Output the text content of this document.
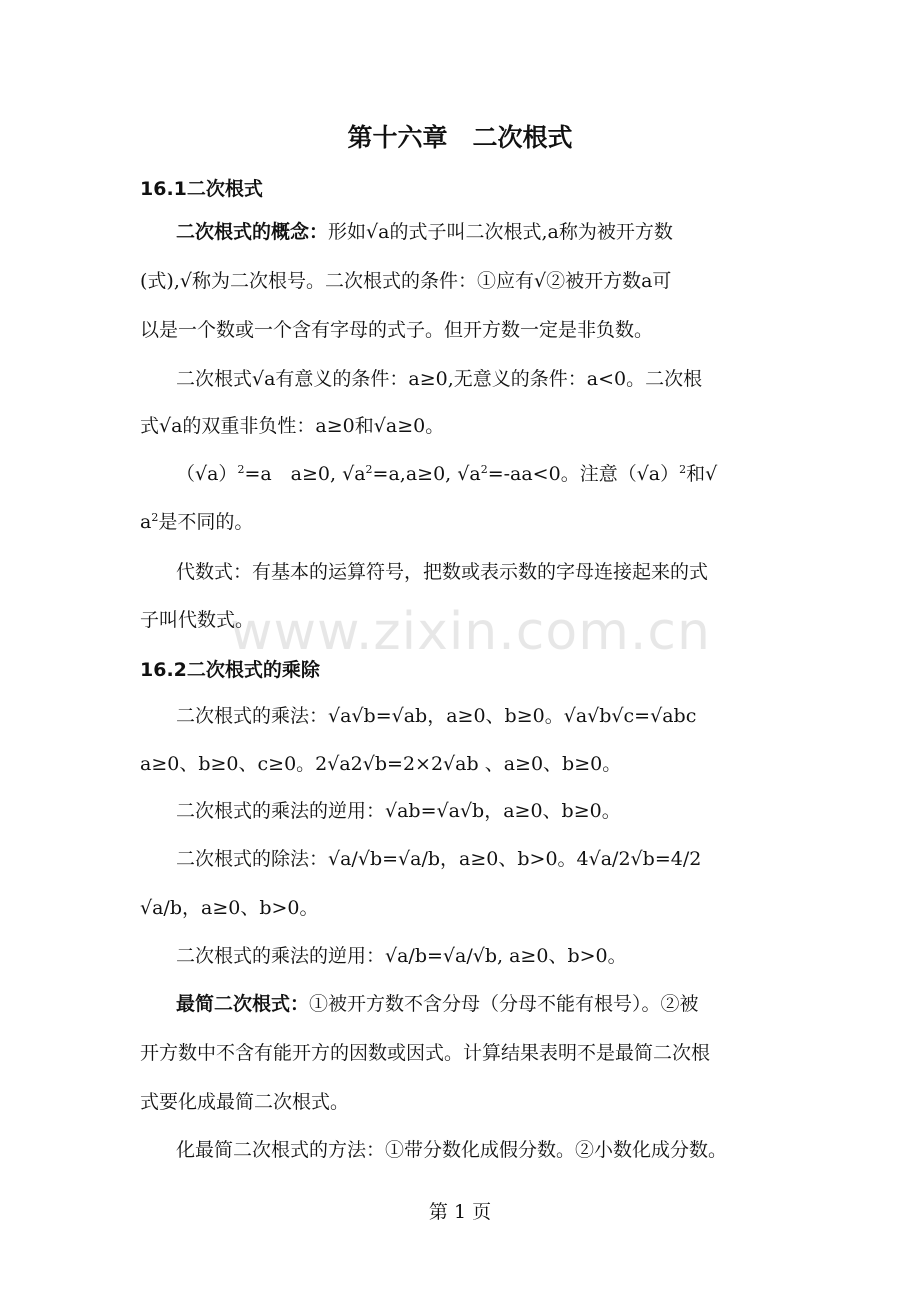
第十六章　二次根式
16.1二次根式
二次根式的概念：形如√a的式子叫二次根式,a称为被开方数
(式),√称为二次根号。二次根式的条件：①应有√②被开方数a可
以是一个数或一个含有字母的式子。但开方数一定是非负数。
二次根式√a有意义的条件：a≥0,无意义的条件：a<0。二次根
式√a的双重非负性：a≥0和√a≥0。
$(√a)^2=a$　a≥0, $√a^2=a,a\ge 0$, $√a^2=-aa<0$。注意$(√a)^2$和√
$a^2$是不同的。
代数式：有基本的运算符号，把数或表示数的字母连接起来的式
子叫代数式。
16.2二次根式的乘除
二次根式的乘法：√a√b=√ab，a≥0、b≥0。√a√b√c=√abc
a≥0、b≥0、c≥0。2√a2√b=2×2√ab 、a≥0、b≥0。
二次根式的乘法的逆用：√ab=√a√b，a≥0、b≥0。
二次根式的除法：√a/√b=√a/b，a≥0、b>0。4√a/2√b=4/2
√a/b，a≥0、b>0。
二次根式的乘法的逆用：√a/b=√a/√b, a≥0、b>0。
最简二次根式：①被开方数不含分母（分母不能有根号）。②被
开方数中不含有能开方的因数或因式。计算结果表明不是最简二次根
式要化成最简二次根式。
化最简二次根式的方法：①带分数化成假分数。②小数化成分数。
第 1 页
www.zixin.com.cn
